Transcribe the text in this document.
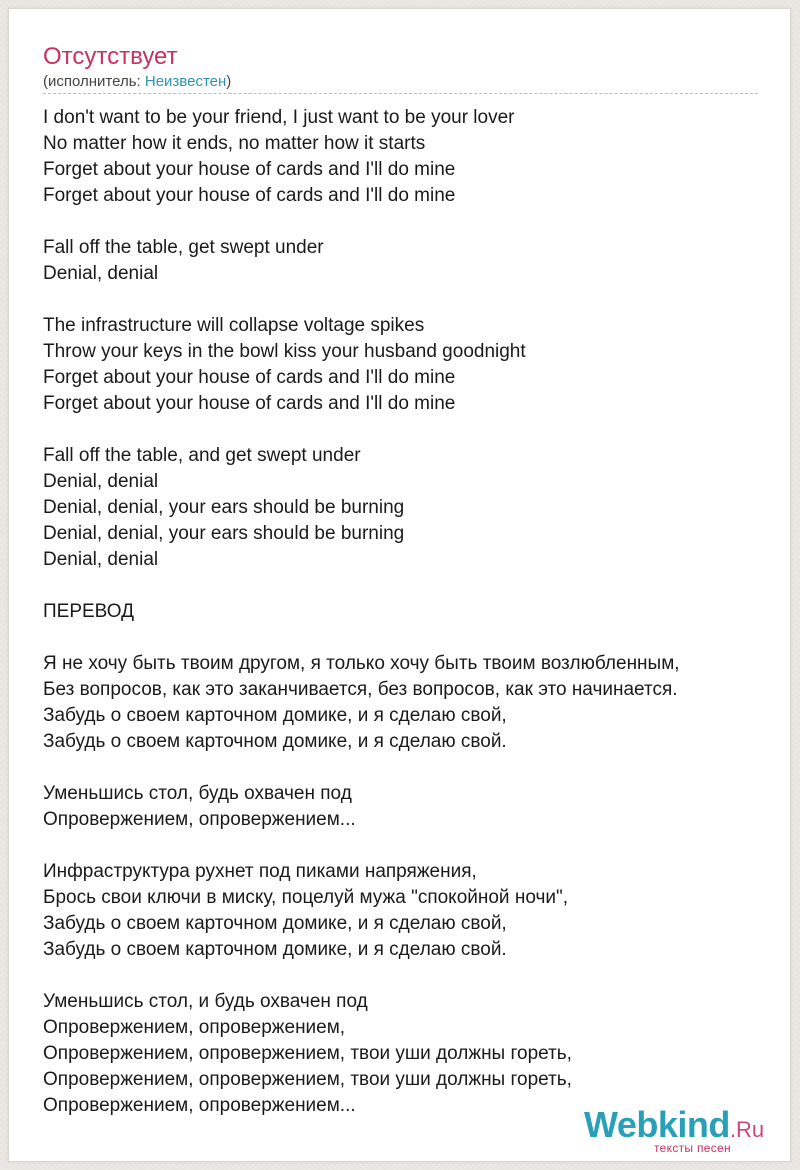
Отсутствует
(исполнитель: Неизвестен)
I don't want to be your friend, I just want to be your lover
No matter how it ends, no matter how it starts
Forget about your house of cards and I'll do mine
Forget about your house of cards and I'll do mine
Fall off the table, get swept under
Denial, denial
The infrastructure will collapse voltage spikes
Throw your keys in the bowl kiss your husband goodnight
Forget about your house of cards and I'll do mine
Forget about your house of cards and I'll do mine
Fall off the table, and get swept under
Denial, denial
Denial, denial, your ears should be burning
Denial, denial, your ears should be burning
Denial, denial
ПЕРЕВОД
Я не хочу быть твоим другом, я только хочу быть твоим возлюбленным,
Без вопросов, как это заканчивается, без вопросов, как это начинается.
Забудь о своем карточном домике, и я сделаю свой,
Забудь о своем карточном домике, и я сделаю свой.
Уменьшись стол, будь охвачен под
Опровержением, опровержением...
Инфраструктура рухнет под пиками напряжения,
Брось свои ключи в миску, поцелуй мужа "спокойной ночи",
Забудь о своем карточном домике, и я сделаю свой,
Забудь о своем карточном домике, и я сделаю свой.
Уменьшись стол, и будь охвачен под
Опровержением, опровержением,
Опровержением, опровержением, твои уши должны гореть,
Опровержением, опровержением, твои уши должны гореть,
Опровержением, опровержением...	Webkind.Ru
тексты песен
